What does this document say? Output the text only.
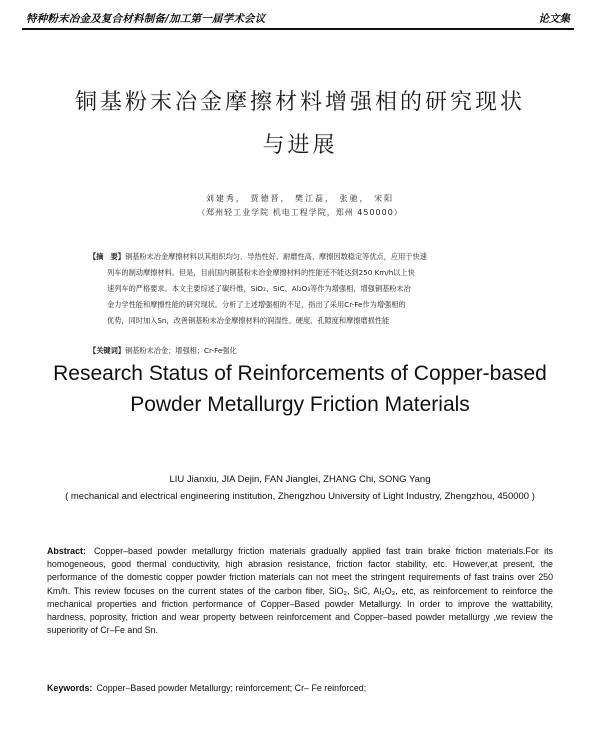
特种粉末冶金及复合材料制备/加工第一届学术会议	论文集
铜基粉末冶金摩擦材料增强相的研究现状
与进展
刘建秀， 贾德晋， 樊江磊， 张驰， 宋阳
（郑州轻工业学院 机电工程学院，郑州 450000）
【摘　要】铜基粉末冶金摩擦材料以其组织均匀、导热性好、耐磨性高、摩擦因数稳定等优点，应用于快速
列车的制动摩擦材料。但是，目前国内铜基粉末冶金摩擦材料的性能还不能达到250 Km/h以上快
速列车的严格要求。本文主要综述了碳纤维，SiO₂、SiC、Al₂O₃等作为增强相，增强铜基粉末冶
金力学性能和摩擦性能的研究现状。分析了上述增强相的不足，指出了采用Cr-Fe作为增强相的
优势，同时加入Sn，改善铜基粉末冶金摩擦材料的润湿性、硬度、孔隙度和摩擦磨损性能
【关键词】铜基粉末冶金；增强相；Cr-Fe强化
Research Status of Reinforcements of Copper-based
Powder Metallurgy Friction Materials
LIU Jianxiu, JIA Dejin, FAN Jianglei, ZHANG Chi, SONG Yang
( mechanical and electrical engineering institution, Zhengzhou University of Light Industry, Zhengzhou, 450000 )
Abstract: Copper–based powder metallurgy friction materials gradually applied fast train brake friction materials.For its homogeneous, good thermal conductivity, high abrasion resistance, friction factor stability, etc. However,at present, the performance of the domestic copper powder friction materials can not meet the stringent requirements of fast trains over 250 Km/h. This review focuses on the current states of the carbon fiber, SiO₂, SiC, Al₂O₃, etc, as reinforcement to reinforce the mechanical properties and friction performance of Copper–Based powder Metallurgy. In order to improve the wattability, hardness, poprosity, friction and wear property between reinforcement and Copper–based powder metallurgy ,we review the superiority of Cr–Fe and Sn.
Keywords: Copper–Based powder Metallurgy; reinforcement; Cr– Fe reinforced;
